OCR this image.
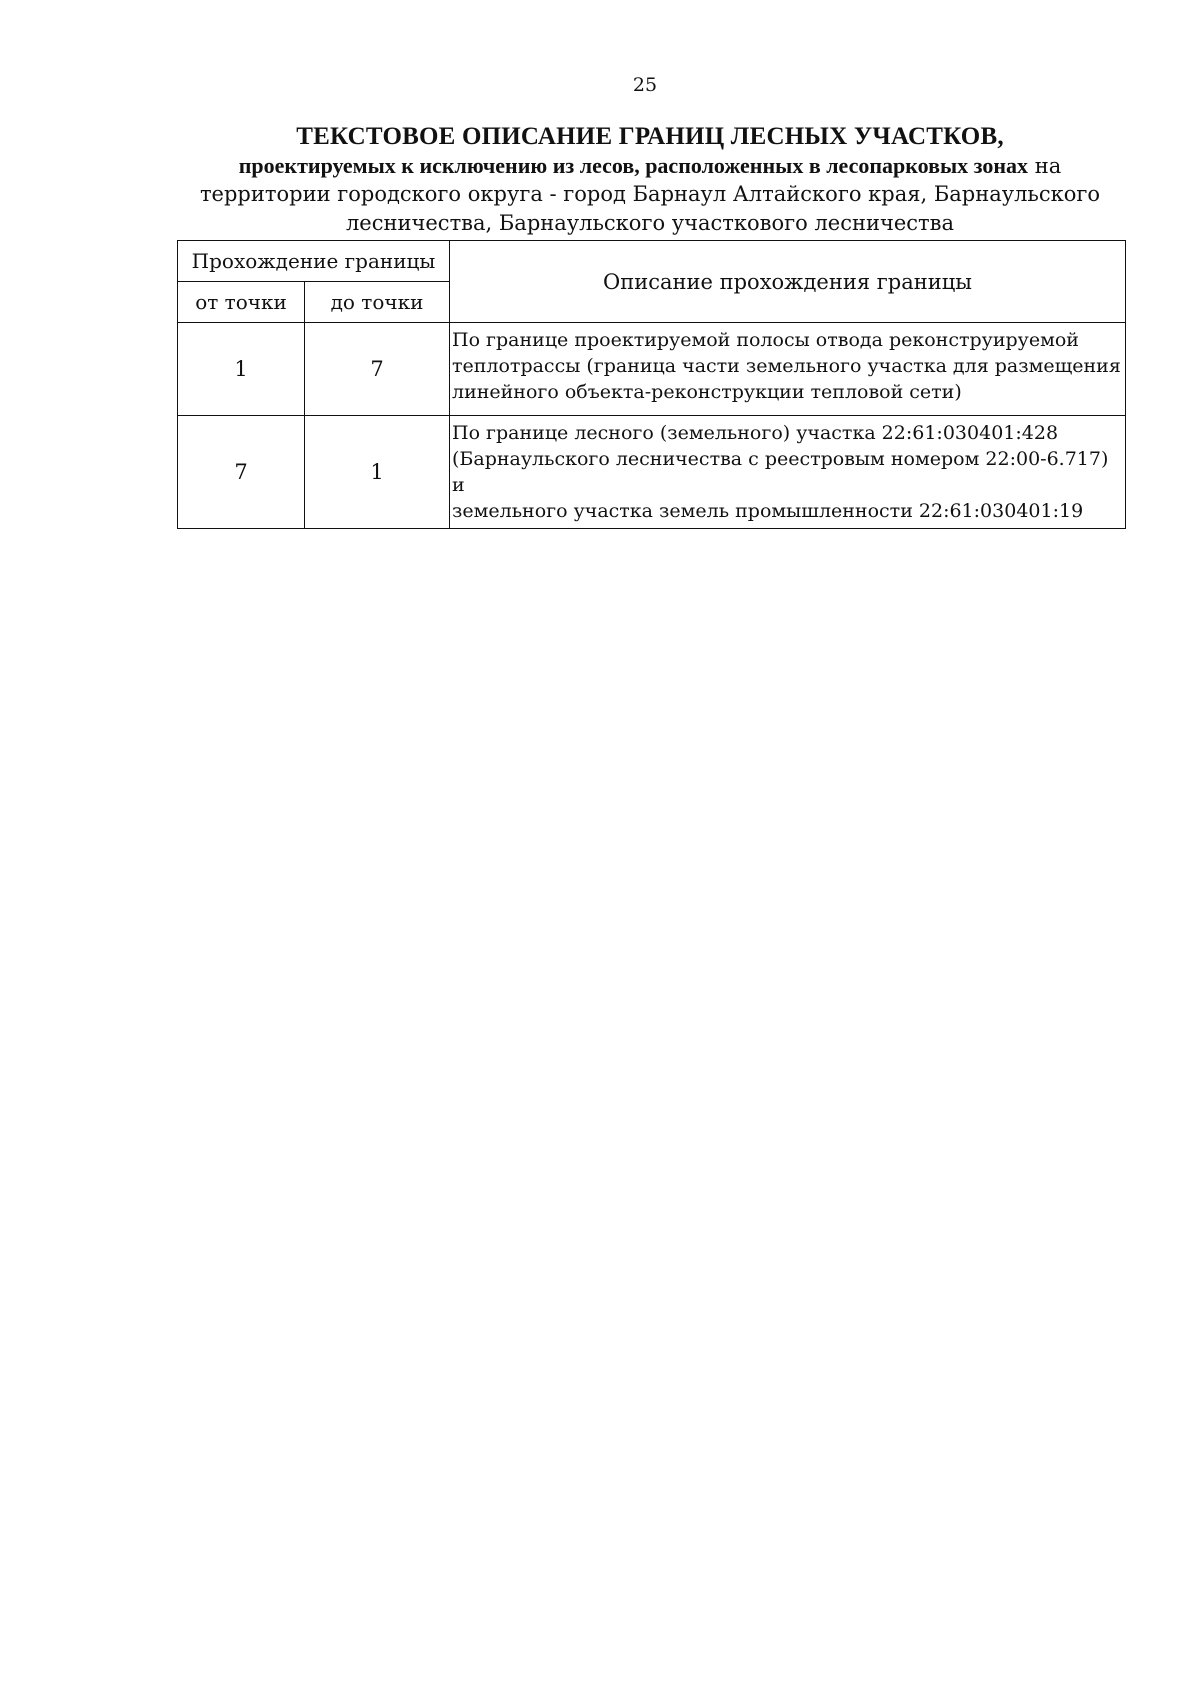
25
ТЕКСТОВОЕ ОПИСАНИЕ ГРАНИЦ ЛЕСНЫХ УЧАСТКОВ,
проектируемых к исключению из лесов, расположенных в лесопарковых зонах на
территории городского округа - город Барнаул Алтайского края, Барнаульского
лесничества, Барнаульского участкового лесничества
Прохождение границы		Описание прохождения границы
от точки	до точки	
1	7	По границе проектируемой полосы отвода реконструируемой
теплотрассы (граница части земельного участка для размещения
линейного объекта-реконструкции тепловой сети)

7	1	По границе лесного (земельного) участка 22:61:030401:428
(Барнаульского лесничества с реестровым номером 22:00-6.717) и
земельного участка земель промышленности 22:61:030401:19
